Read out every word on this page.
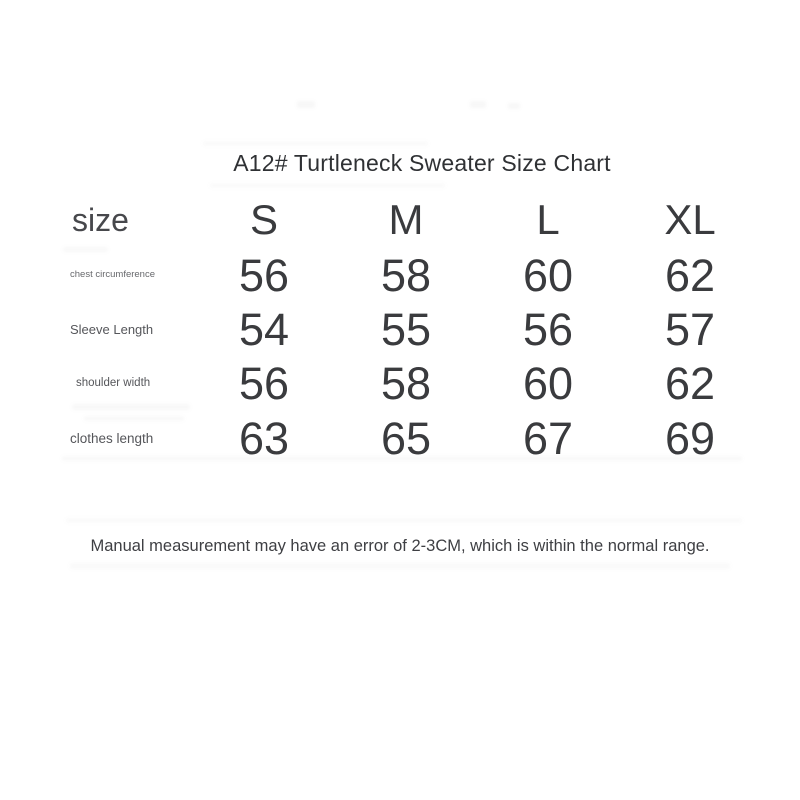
A12# Turtleneck Sweater Size Chart
size	S	M	L	XL
chest circumference	56	58	60	62
Sleeve Length	54	55	56	57
shoulder width	56	58	60	62
clothes length	63	65	67	69

Manual measurement may have an error of 2-3CM, which is within the normal range.
